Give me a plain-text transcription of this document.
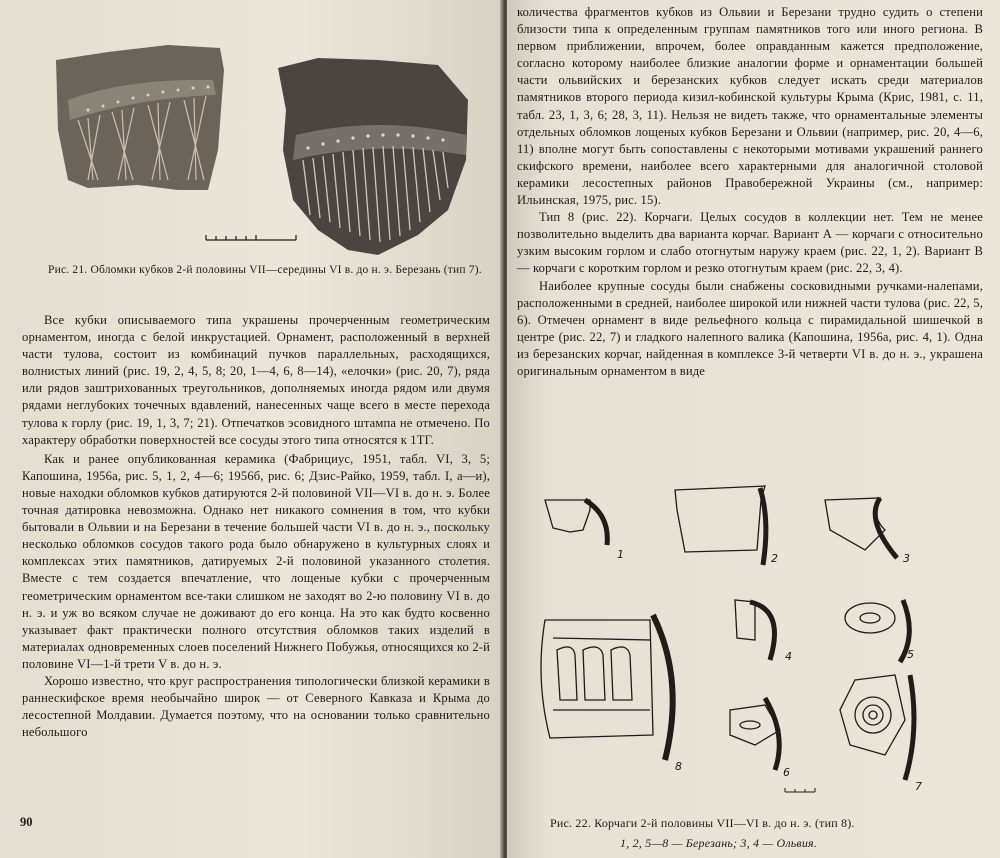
Рис. 21. Обломки кубков 2-й половины VII—середины VI в. до н. э. Березань (тип 7).

Все кубки описываемого типа украшены прочерченным геометрическим орнаментом, иногда с белой инкрустацией. Орнамент, расположенный в верхней части тулова, состоит из комбинаций пучков параллельных, расходящихся, волнистых линий (рис. 19, 2, 4, 5, 8; 20, 1—4, 6, 8—14), «елочки» (рис. 20, 7), ряда или рядов заштрихованных треугольников, дополняемых иногда рядом или двумя рядами неглубоких точечных вдавлений, нанесенных чаще всего в месте перехода тулова к горлу (рис. 19, 1, 3, 7; 21). Отпечатков эсовидного штампа не отмечено. По характеру обработки поверхностей все сосуды этого типа относятся к 1ТГ.

Как и ранее опубликованная керамика (Фабрициус, 1951, табл. VI, 3, 5; Капошина, 1956а, рис. 5, 1, 2, 4—6; 1956б, рис. 6; Дзис-Райко, 1959, табл. I, а—и), новые находки обломков кубков датируются 2-й половиной VII—VI в. до н. э. Более точная датировка невозможна. Однако нет никакого сомнения в том, что кубки бытовали в Ольвии и на Березани в течение большей части VI в. до н. э., поскольку несколько обломков сосудов такого рода было обнаружено в культурных слоях и комплексах этих памятников, датируемых 2-й половиной указанного столетия. Вместе с тем создается впечатление, что лощеные кубки с прочерченным геометрическим орнаментом все-таки слишком не заходят во 2-ю половину VI в. до н. э. и уж во всяком случае не доживают до его конца. На это как будто косвенно указывает факт практически полного отсутствия обломков таких изделий в материалах одновременных слоев поселений Нижнего Побужья, относящихся ко 2-й половине VI—1-й трети V в. до н. э.

Хорошо известно, что круг распространения типологически близкой керамики в раннескифское время необычайно широк — от Северного Кавказа и Крыма до лесостепной Молдавии. Думается поэтому, что на основании только сравнительно небольшого

90

количества фрагментов кубков из Ольвии и Березани трудно судить о степени близости типа к определенным группам памятников того или иного региона. В первом приближении, впрочем, более оправданным кажется предположение, согласно которому наиболее близкие аналогии форме и орнаментации большей части ольвийских и березанских кубков следует искать среди материалов памятников второго периода кизил-кобинской культуры Крыма (Крис, 1981, с. 11, табл. 23, 1, 3, 6; 28, 3, 11). Нельзя не видеть также, что орнаментальные элементы отдельных обломков лощеных кубков Березани и Ольвии (например, рис. 20, 4—6, 11) вполне могут быть сопоставлены с некоторыми мотивами украшений раннего скифского времени, наиболее всего характерными для аналогичной столовой керамики лесостепных районов Правобережной Украины (см., например: Ильинская, 1975, рис. 15).

Тип 8 (рис. 22). Корчаги. Целых сосудов в коллекции нет. Тем не менее позволительно выделить два варианта корчаг. Вариант А — корчаги с относительно узким высоким горлом и слабо отогнутым наружу краем (рис. 22, 1, 2). Вариант В — корчаги с коротким горлом и резко отогнутым краем (рис. 22, 3, 4).

Наиболее крупные сосуды были снабжены сосковидными ручками-налепами, расположенными в средней, наиболее широкой или нижней части тулова (рис. 22, 5, 6). Отмечен орнамент в виде рельефного кольца с пирамидальной шишечкой в центре (рис. 22, 7) и гладкого налепного валика (Капошина, 1956а, рис. 4, 1). Одна из березанских корчаг, найденная в комплексе 3-й четверти VI в. до н. э., украшена оригинальным орнаментом в виде

1	2	3
4	5
6
7
8
Рис. 22. Корчаги 2-й половины VII—VI в. до н. э. (тип 8).
1, 2, 5—8 — Березань; 3, 4 — Ольвия.
